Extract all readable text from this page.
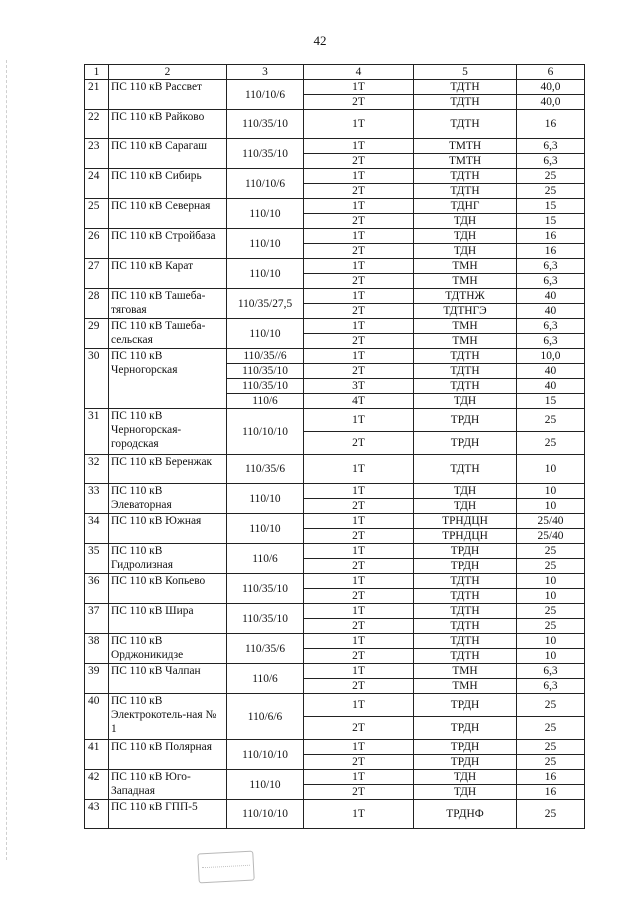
42
1	2	3	4	5	6
21	ПС 110 кВ Рассвет	110/10/6	1Т	ТДТН	40,0
			2Т	ТДТН	40,0
22	ПС 110 кВ Райково	110/35/10	1Т	ТДТН	16
23	ПС 110 кВ Сарагаш	110/35/10	1Т	ТМТН	6,3
			2Т	ТМТН	6,3
24	ПС 110 кВ Сибирь	110/10/6	1Т	ТДТН	25
			2Т	ТДТН	25
25	ПС 110 кВ Северная	110/10	1Т	ТДНГ	15
			2Т	ТДН	15
26	ПС 110 кВ Стройбаза	110/10	1Т	ТДН	16
			2Т	ТДН	16
27	ПС 110 кВ Карат	110/10	1Т	ТМН	6,3
			2Т	ТМН	6,3
28	ПС 110 кВ Ташеба-тяговая	110/35/27,5	1Т	ТДТНЖ	40
			2Т	ТДТНГЭ	40
29	ПС 110 кВ Ташеба-сельская	110/10	1Т	ТМН	6,3
			2Т	ТМН	6,3
30	ПС 110 кВ Черногорская	110/35//6	1Т	ТДТН	10,0
		110/35/10	2Т	ТДТН	40
		110/35/10	3Т	ТДТН	40
		110/6	4Т	ТДН	15
31	ПС 110 кВ Черногорская-городская	110/10/10	1Т	ТРДН	25
			2Т	ТРДН	25
32	ПС 110 кВ Беренжак	110/35/6	1Т	ТДТН	10
33	ПС 110 кВ Элеваторная	110/10	1Т	ТДН	10
			2Т	ТДН	10
34	ПС 110 кВ Южная	110/10	1Т	ТРНДЦН	25/40
			2Т	ТРНДЦН	25/40
35	ПС 110 кВ Гидролизная	110/6	1Т	ТРДН	25
			2Т	ТРДН	25
36	ПС 110 кВ Копьево	110/35/10	1Т	ТДТН	10
			2Т	ТДТН	10
37	ПС 110 кВ Шира	110/35/10	1Т	ТДТН	25
			2Т	ТДТН	25
38	ПС 110 кВ Орджоникидзе	110/35/6	1Т	ТДТН	10
			2Т	ТДТН	10
39	ПС 110 кВ Чалпан	110/6	1Т	ТМН	6,3
			2Т	ТМН	6,3
40	ПС 110 кВ Электрокотель-ная № 1	110/6/6	1Т	ТРДН	25
			2Т	ТРДН	25
41	ПС 110 кВ Полярная	110/10/10	1Т	ТРДН	25
			2Т	ТРДН	25
42	ПС 110 кВ Юго-Западная	110/10	1Т	ТДН	16
			2Т	ТДН	16
43	ПС 110 кВ ГПП-5	110/10/10	1Т	ТРДНФ	25
